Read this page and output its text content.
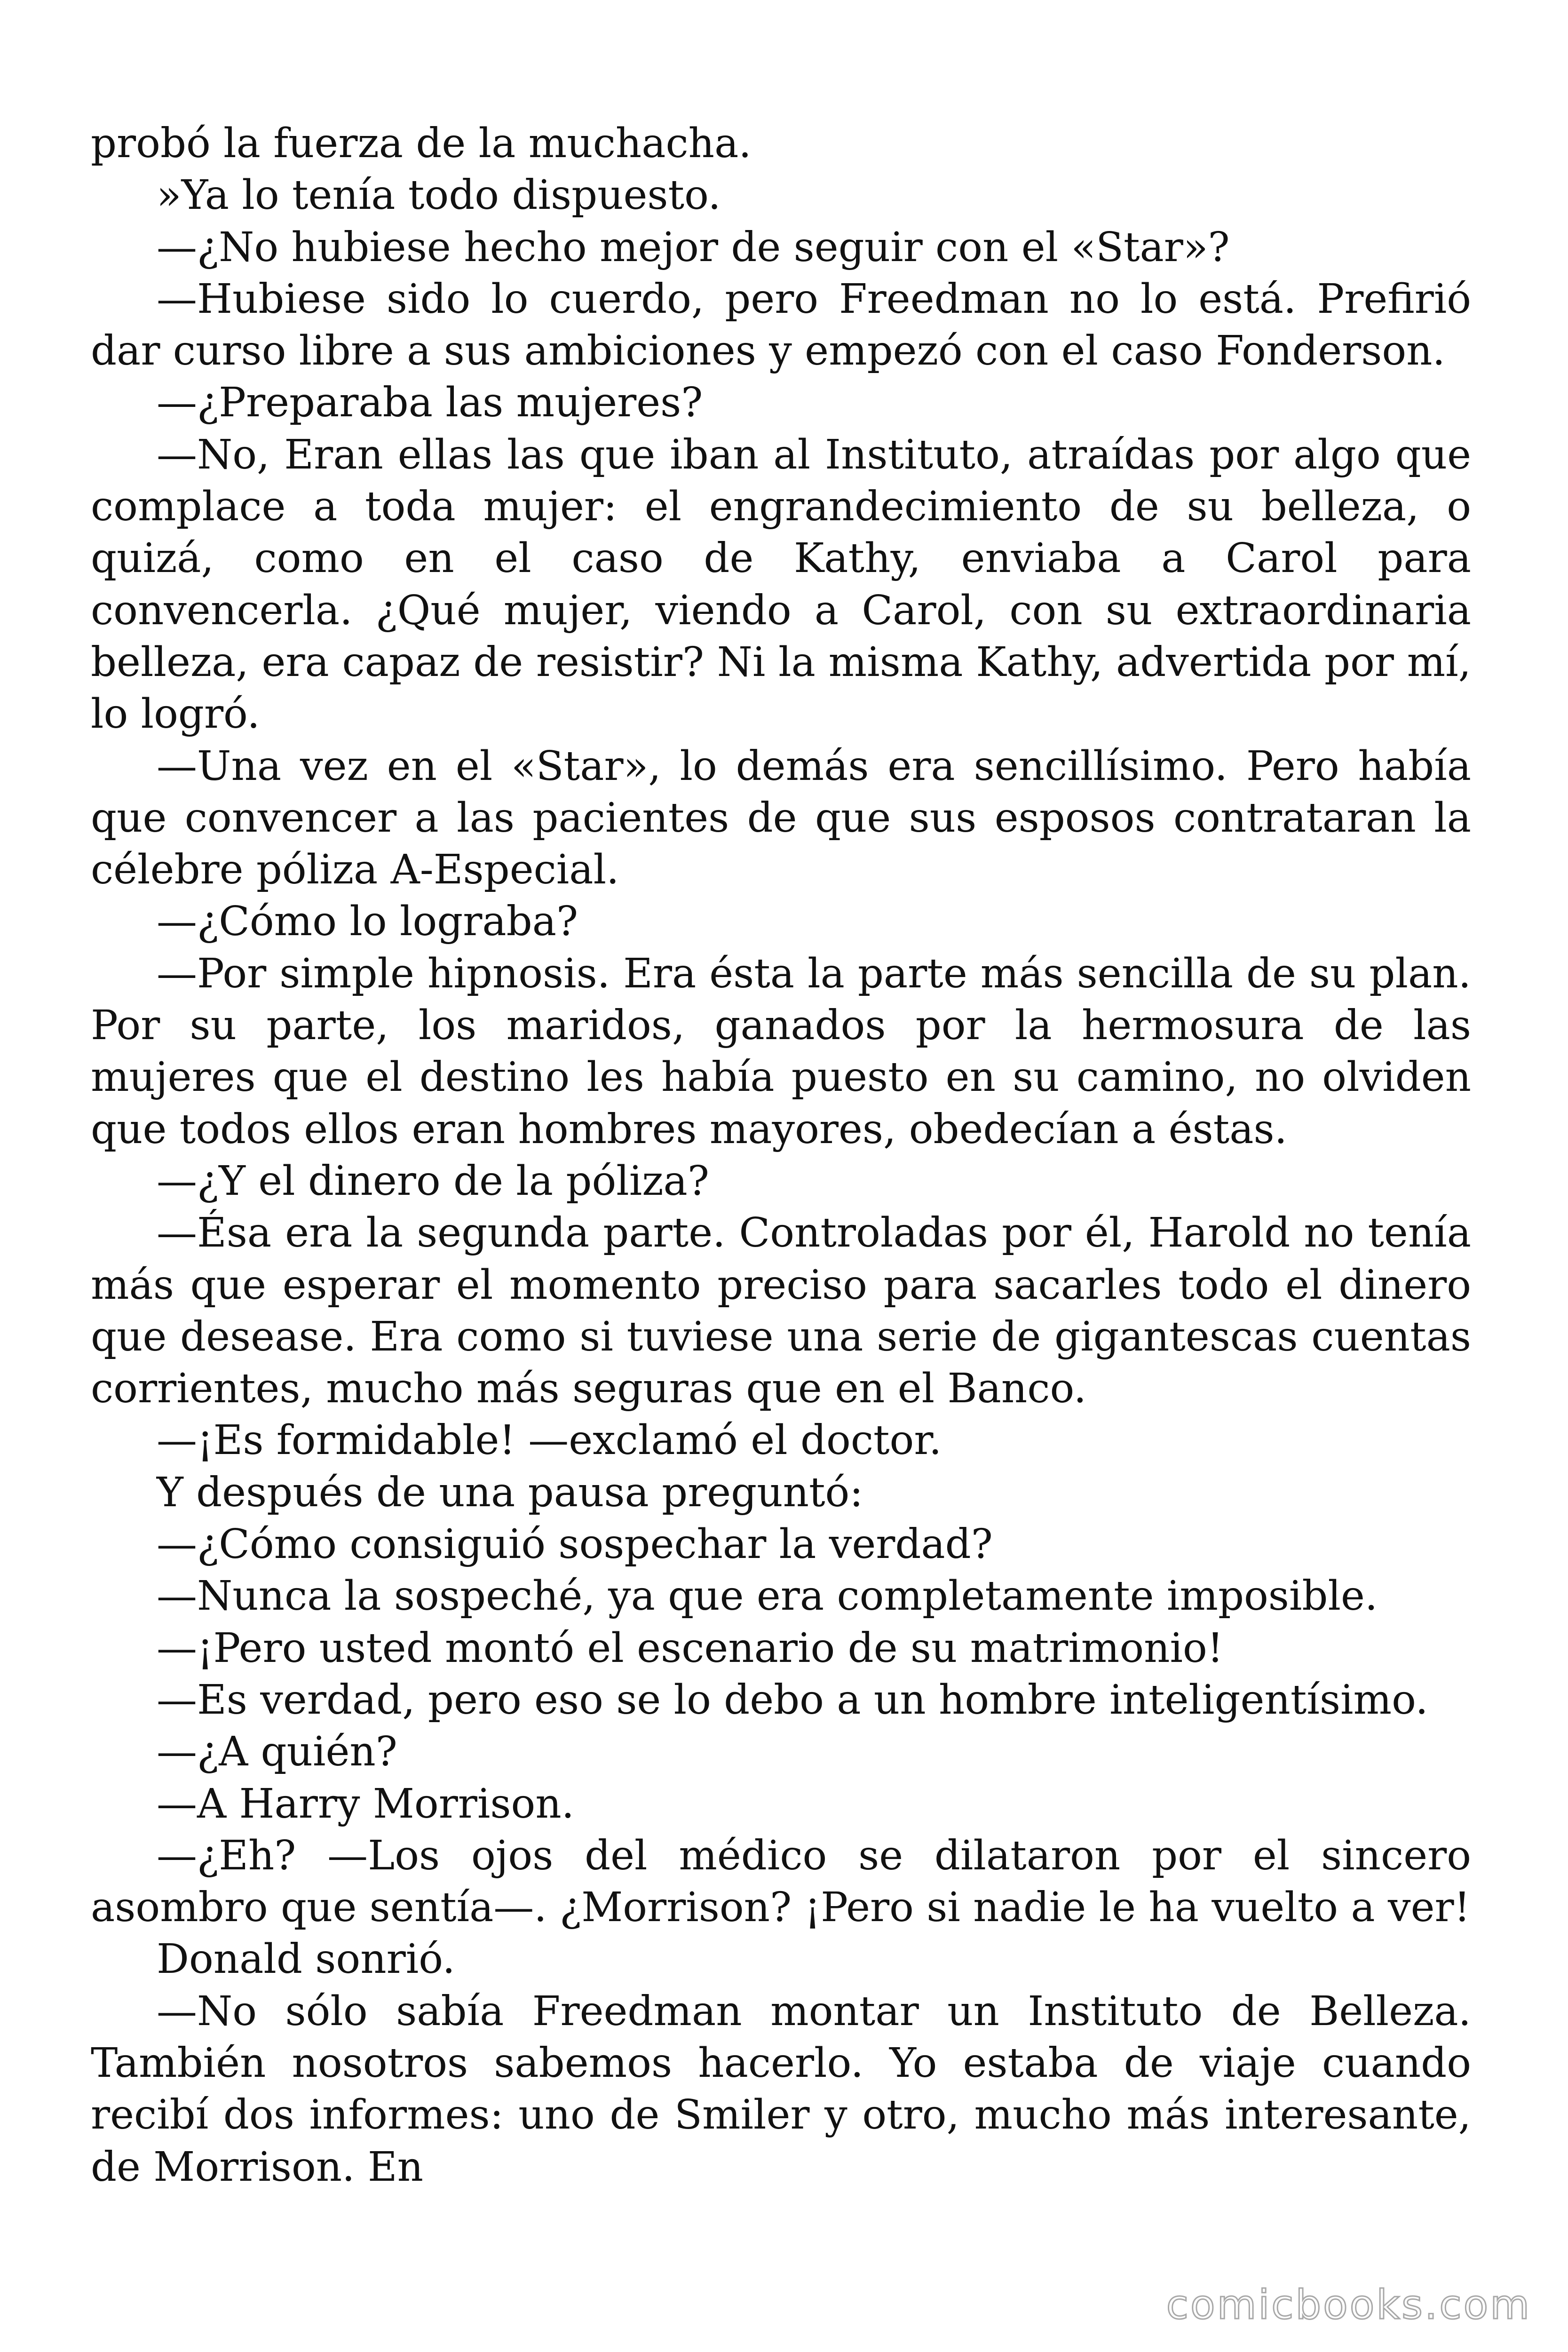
probó la fuerza de la muchacha.

»Ya lo tenía todo dispuesto.

—¿No hubiese hecho mejor de seguir con el «Star»?

—Hubiese sido lo cuerdo, pero Freedman no lo está. Prefirió dar curso libre a sus ambiciones y empezó con el caso Fonderson.

—¿Preparaba las mujeres?

—No, Eran ellas las que iban al Instituto, atraídas por algo que complace a toda mujer: el engrandecimiento de su belleza, o quizá, como en el caso de Kathy, enviaba a Carol para convencerla. ¿Qué mujer, viendo a Carol, con su extraordinaria belleza, era capaz de resistir? Ni la misma Kathy, advertida por mí, lo logró.

—Una vez en el «Star», lo demás era sencillísimo. Pero había que convencer a las pacientes de que sus esposos contrataran la célebre póliza A-Especial.

—¿Cómo lo lograba?

—Por simple hipnosis. Era ésta la parte más sencilla de su plan. Por su parte, los maridos, ganados por la hermosura de las mujeres que el destino les había puesto en su camino, no olviden que todos ellos eran hombres mayores, obedecían a éstas.

—¿Y el dinero de la póliza?

—Ésa era la segunda parte. Controladas por él, Harold no tenía más que esperar el momento preciso para sacarles todo el dinero que desease. Era como si tuviese una serie de gigantescas cuentas corrientes, mucho más seguras que en el Banco.

—¡Es formidable! —exclamó el doctor.

Y después de una pausa preguntó:

—¿Cómo consiguió sospechar la verdad?

—Nunca la sospeché, ya que era completamente imposible.

—¡Pero usted montó el escenario de su matrimonio!

—Es verdad, pero eso se lo debo a un hombre inteligentísimo.

—¿A quién?

—A Harry Morrison.

—¿Eh? —Los ojos del médico se dilataron por el sincero asombro que sentía—. ¿Morrison? ¡Pero si nadie le ha vuelto a ver!

Donald sonrió.

—No sólo sabía Freedman montar un Instituto de Belleza. También nosotros sabemos hacerlo. Yo estaba de viaje cuando recibí dos informes: uno de Smiler y otro, mucho más interesante, de Morrison. En

comicbooks.com
